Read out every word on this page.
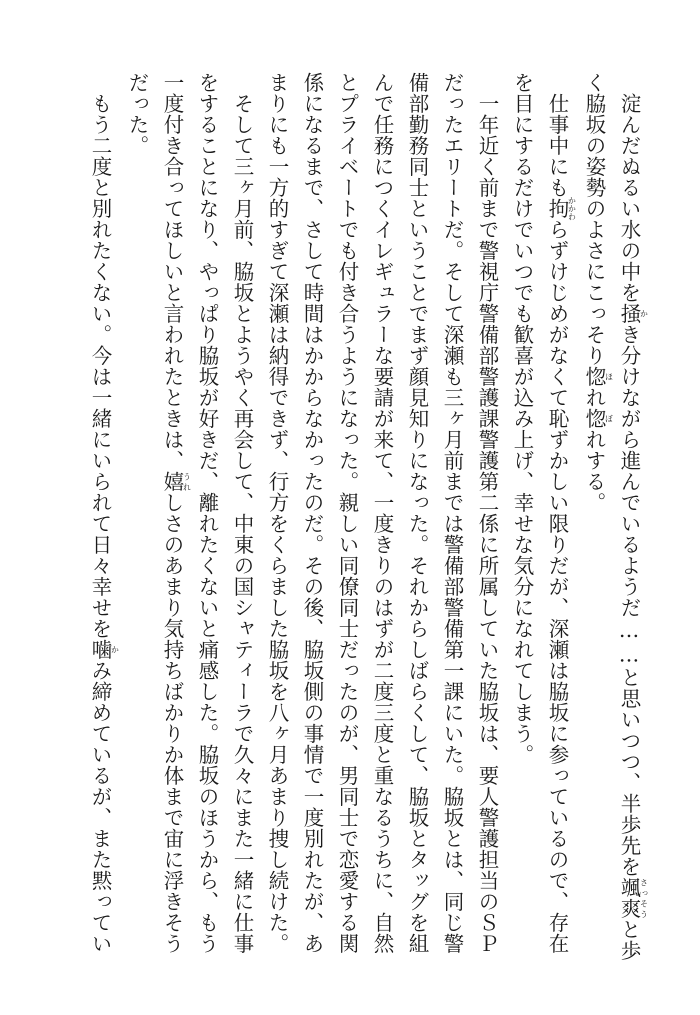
淀んだぬるい水の中を掻かき分けながら進んでいるようだ……と思いつつ、半歩先を颯爽さっそうと歩く脇坂の姿勢のよさにこっそり惚ほれ惚ぼれする。

仕事中にも拘かかわらずけじめがなくて恥ずかしい限りだが、深瀬は脇坂に参っているので、存在を目にするだけでいつでも歓喜が込み上げ、幸せな気分になれてしまう。

一年近く前まで警視庁警備部警護課警護第二係に所属していた脇坂は、要人警護担当のＳＰだったエリートだ。そして深瀬も三ヶ月前までは警備部警備第一課にいた。脇坂とは、同じ警備部勤務同士ということでまず顔見知りになった。それからしばらくして、脇坂とタッグを組んで任務につくイレギュラーな要請が来て、一度きりのはずが二度三度と重なるうちに、自然とプライベートでも付き合うようになった。親しい同僚同士だったのが、男同士で恋愛する関係になるまで、さして時間はかからなかったのだ。その後、脇坂側の事情で一度別れたが、あまりにも一方的すぎて深瀬は納得できず、行方をくらました脇坂を八ヶ月あまり捜し続けた。

そして三ヶ月前、脇坂とようやく再会して、中東の国シャティーラで久々にまた一緒に仕事をすることになり、やっぱり脇坂が好きだ、離れたくないと痛感した。脇坂のほうから、もう一度付き合ってほしいと言われたときは、嬉うれしさのあまり気持ちばかりか体まで宙に浮きそうだった。

もう二度と別れたくない。今は一緒にいられて日々幸せを噛かみ締めているが、また黙ってい
